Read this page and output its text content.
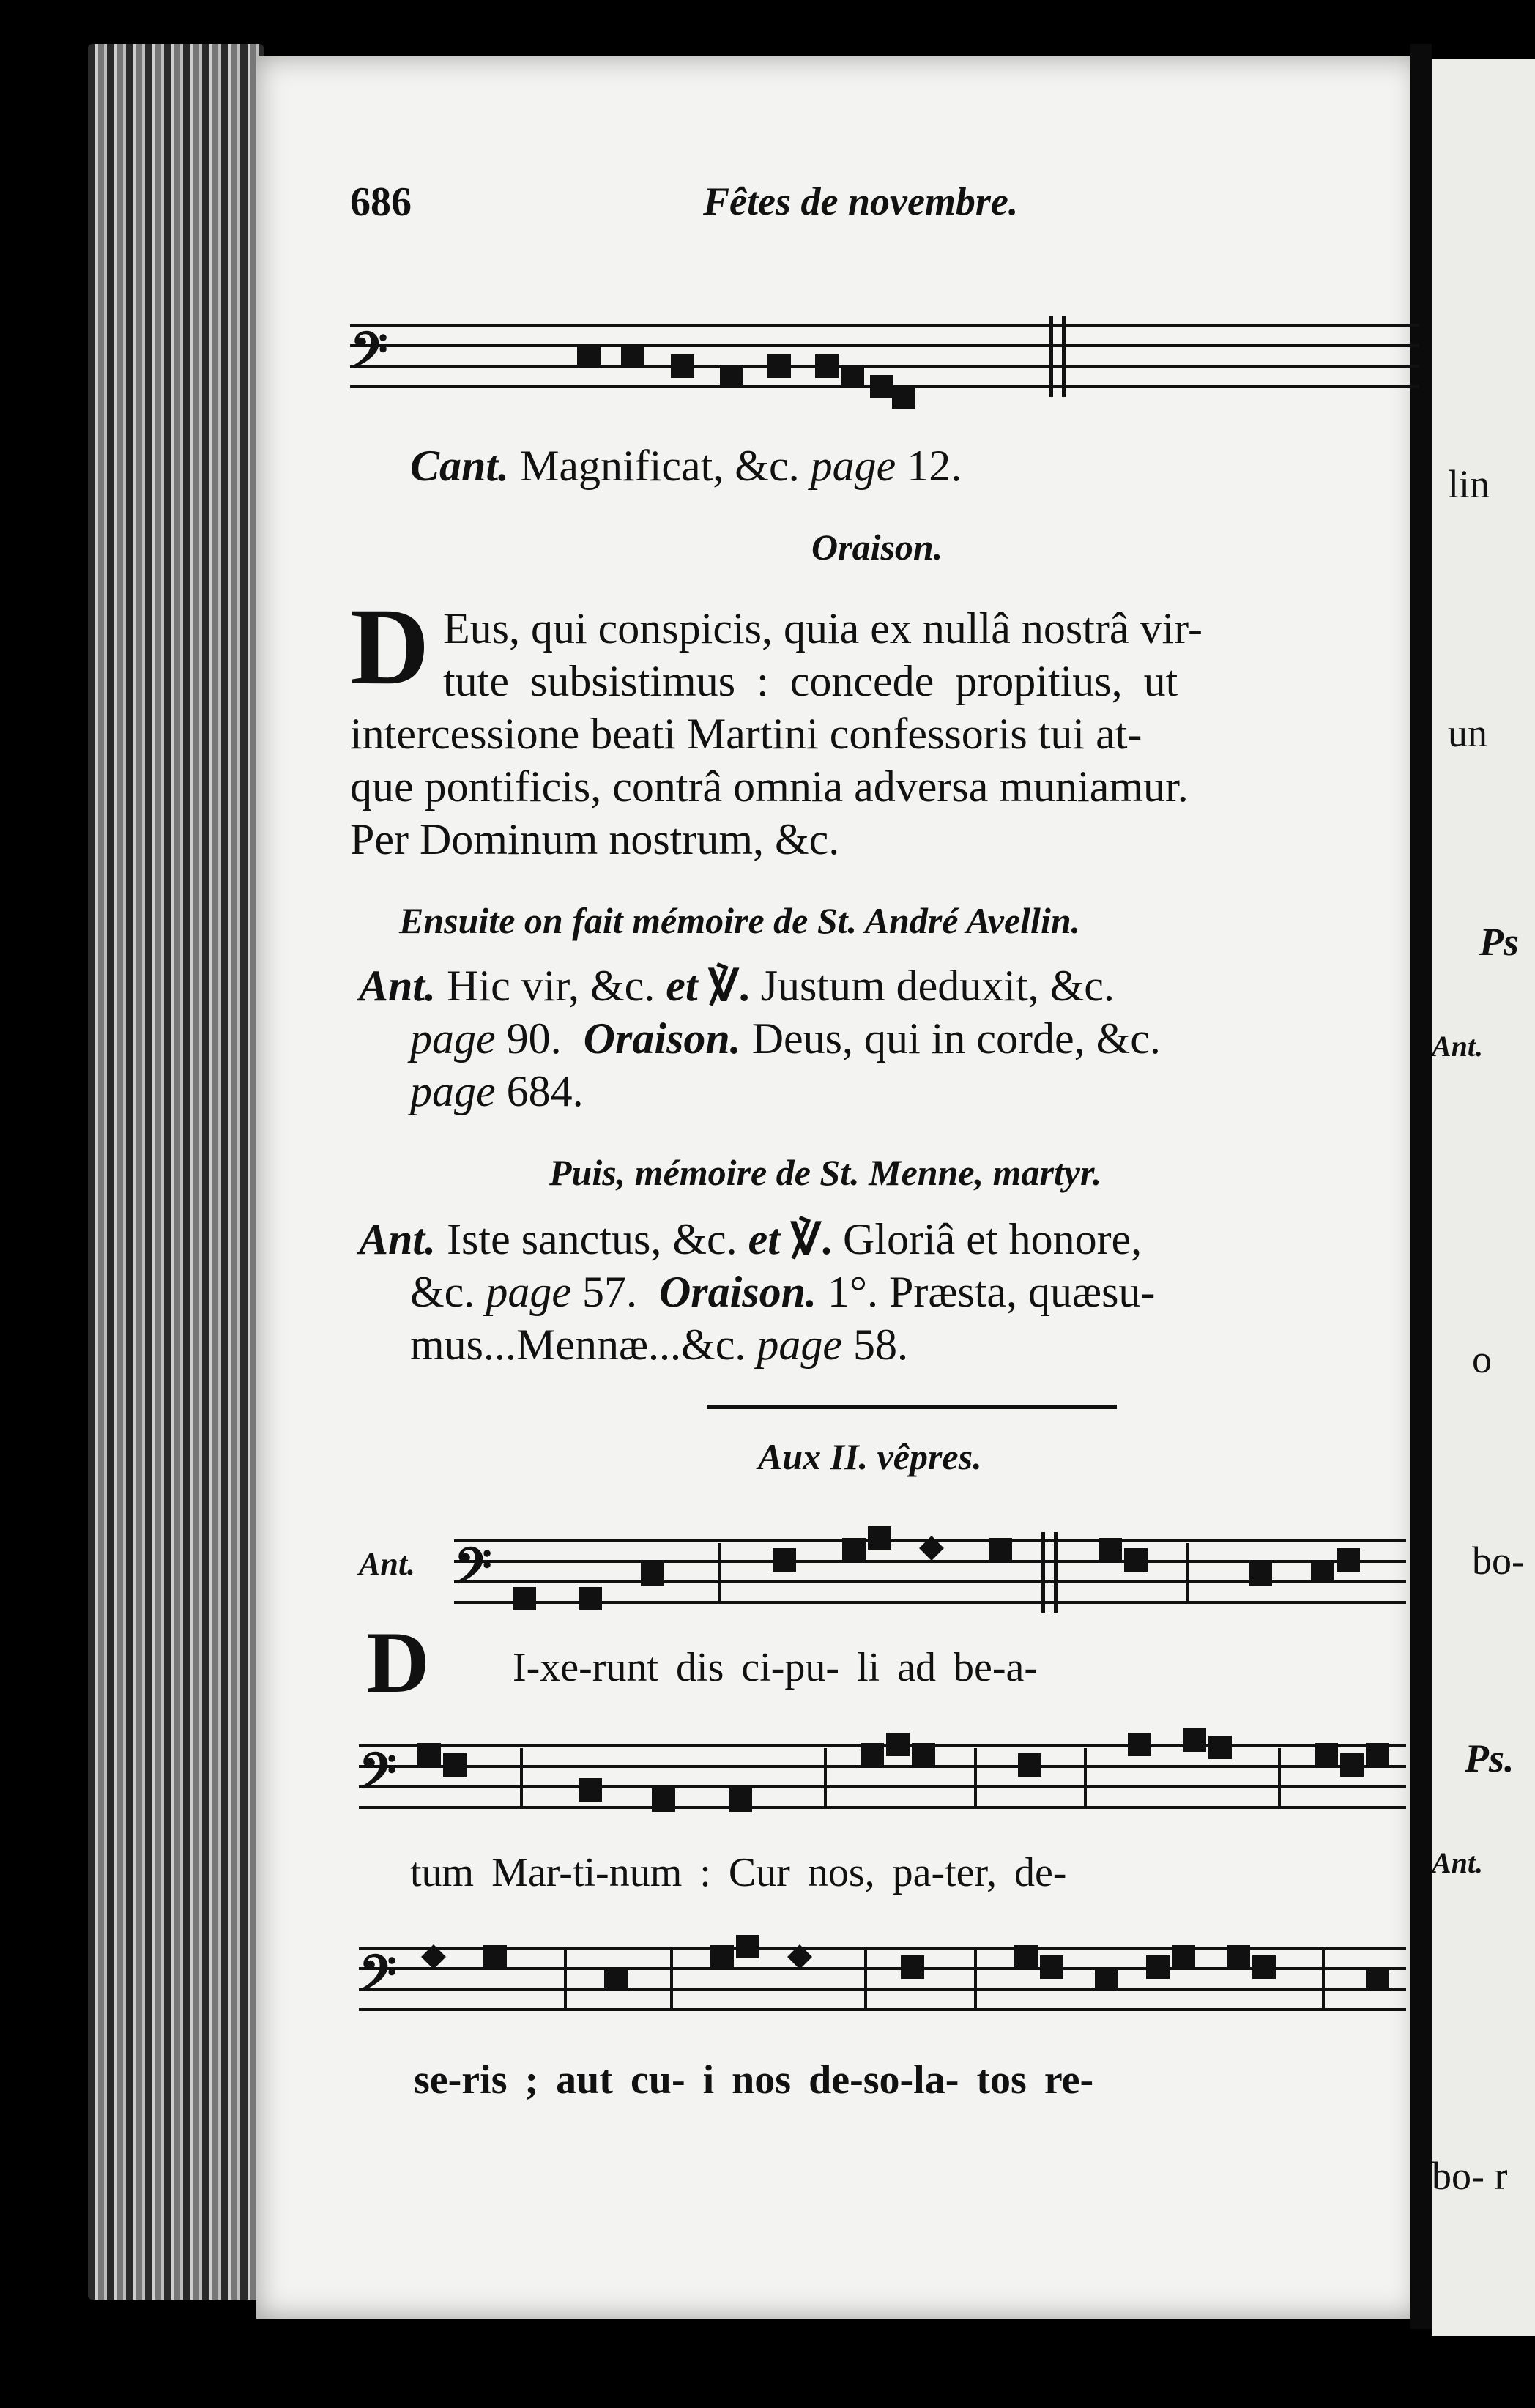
lin
un
Ps
Ant.
o
bo-
Ps.
Ant.
bo- r
686	Fêtes de novembre.
𝄢
Cant. Magnificat, &c. page 12.
Oraison.
D Eus, qui conspicis, quia ex nullâ nostrâ vir-
tute subsistimus : concede propitius, ut
intercessione beati Martini confessoris tui at-
que pontificis, contrâ omnia adversa muniamur.
Per Dominum nostrum, &c.
Ensuite on fait mémoire de St. André Avellin.
Ant. Hic vir, &c. et ℣. Justum deduxit, &c.
page 90. Oraison. Deus, qui in corde, &c.
page 684.
Puis, mémoire de St. Menne, martyr.
Ant. Iste sanctus, &c. et ℣. Gloriâ et honore,
&c. page 57. Oraison. 1°. Præsta, quæsu-
mus...Mennæ...&c. page 58.
Aux II. vêpres.
Ant. 𝄢
D I-xe-runt dis ci-pu- li ad be-a-
𝄢
tum Mar-ti-num : Cur nos, pa-ter, de-
𝄢
se-ris ; aut cu- i nos de-so-la- tos re-
